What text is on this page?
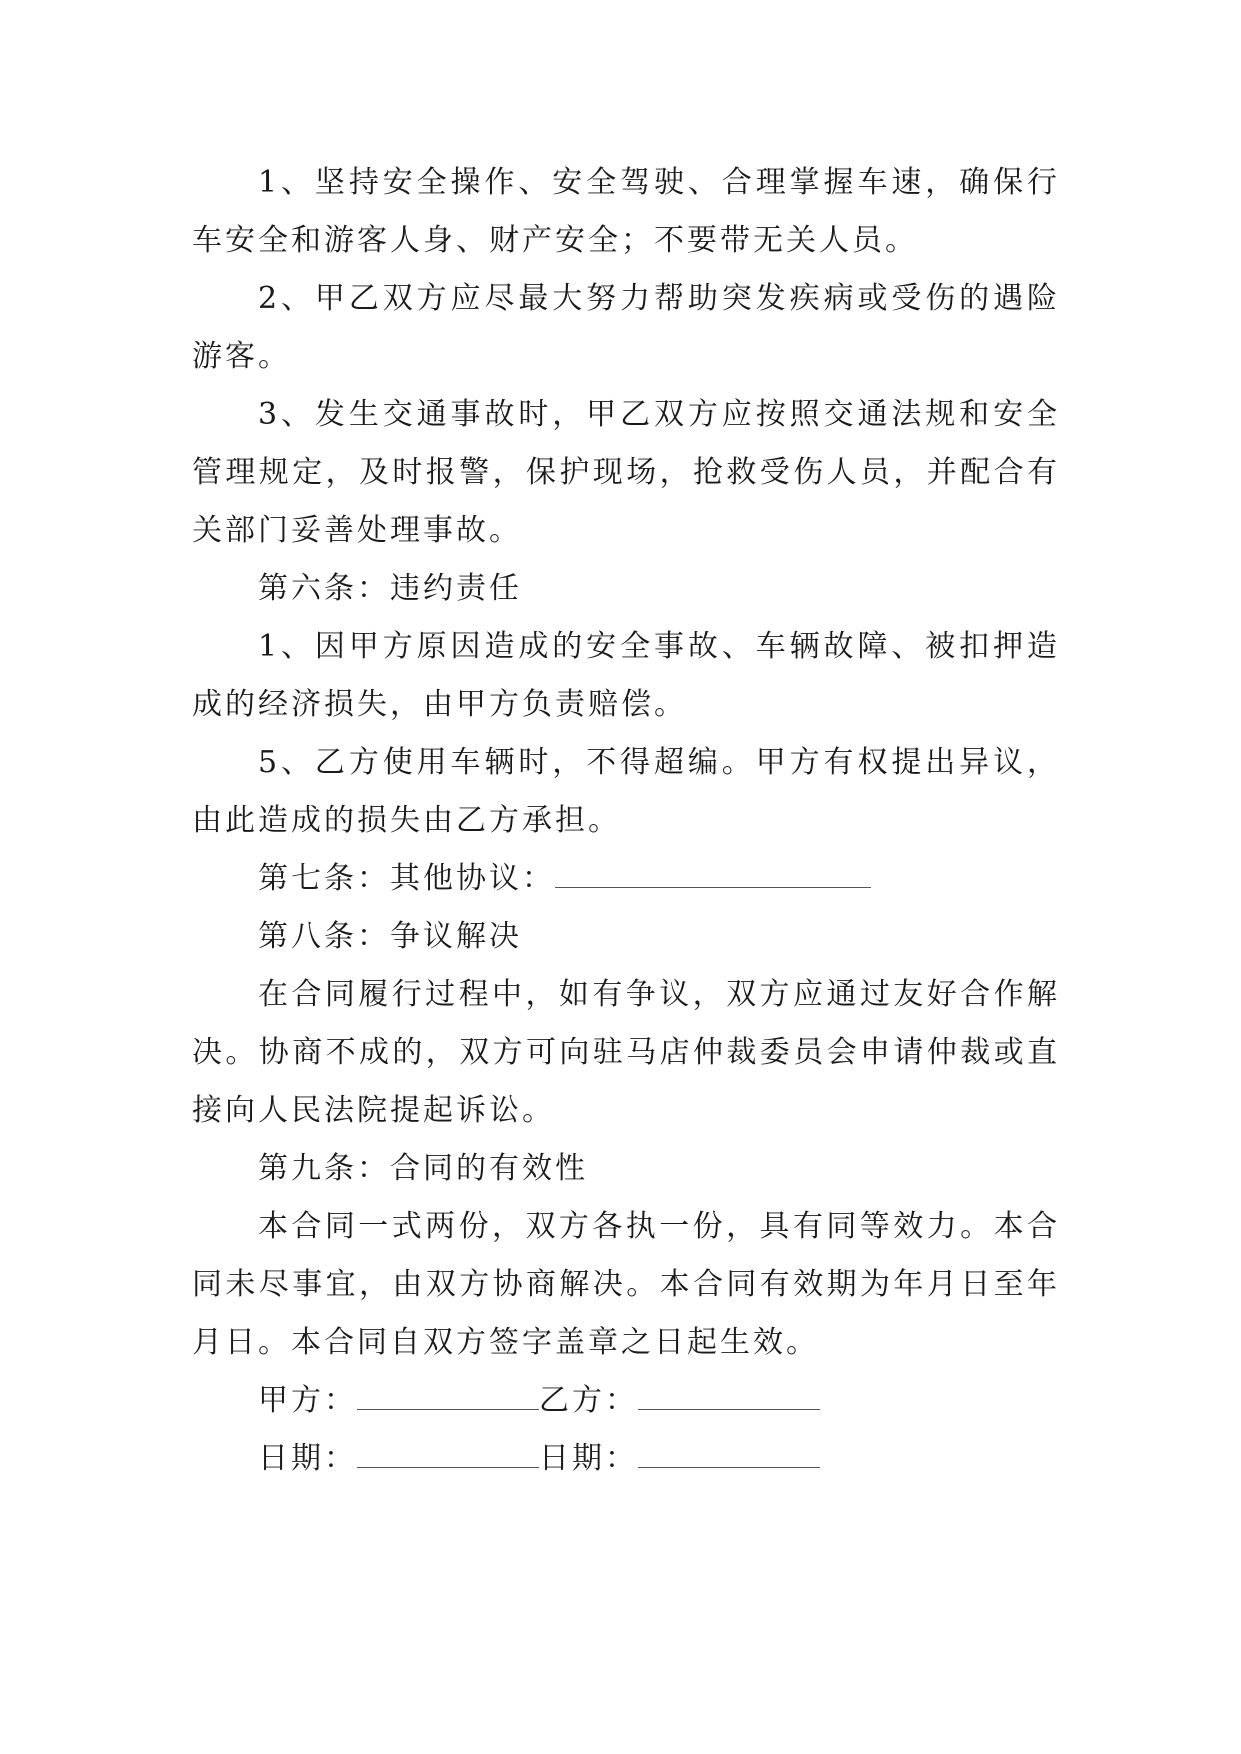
1、坚持安全操作、安全驾驶、合理掌握车速，确保行车安全和游客人身、财产安全；不要带无关人员。

2、甲乙双方应尽最大努力帮助突发疾病或受伤的遇险游客。

3、发生交通事故时，甲乙双方应按照交通法规和安全管理规定，及时报警，保护现场，抢救受伤人员，并配合有关部门妥善处理事故。

第六条：违约责任

1、因甲方原因造成的安全事故、车辆故障、被扣押造成的经济损失，由甲方负责赔偿。

5、乙方使用车辆时，不得超编。甲方有权提出异议，由此造成的损失由乙方承担。

第七条：其他协议：

第八条：争议解决

在合同履行过程中，如有争议，双方应通过友好合作解决。协商不成的，双方可向驻马店仲裁委员会申请仲裁或直接向人民法院提起诉讼。

第九条：合同的有效性

本合同一式两份，双方各执一份，具有同等效力。本合同未尽事宜，由双方协商解决。本合同有效期为年月日至年月日。本合同自双方签字盖章之日起生效。

甲方：	乙方：

日期：	日期：
